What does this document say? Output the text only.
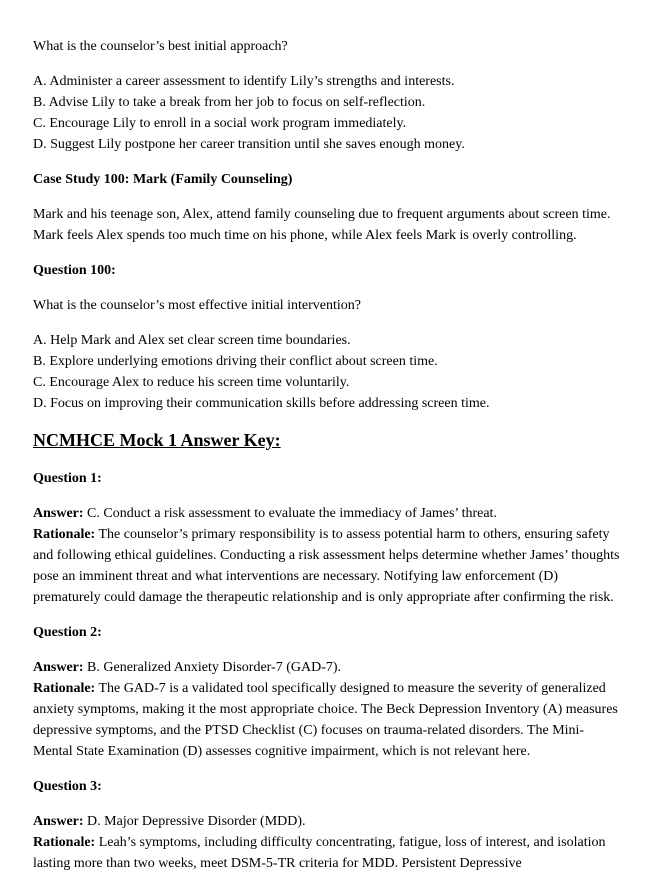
What is the counselor’s best initial approach?

A. Administer a career assessment to identify Lily’s strengths and interests.
B. Advise Lily to take a break from her job to focus on self-reflection.
C. Encourage Lily to enroll in a social work program immediately.
D. Suggest Lily postpone her career transition until she saves enough money.

Case Study 100: Mark (Family Counseling)

Mark and his teenage son, Alex, attend family counseling due to frequent arguments about screen time. Mark feels Alex spends too much time on his phone, while Alex feels Mark is overly controlling.

Question 100:

What is the counselor’s most effective initial intervention?

A. Help Mark and Alex set clear screen time boundaries.
B. Explore underlying emotions driving their conflict about screen time.
C. Encourage Alex to reduce his screen time voluntarily.
D. Focus on improving their communication skills before addressing screen time.
NCMHCE Mock 1 Answer Key:

Question 1:

Answer: C. Conduct a risk assessment to evaluate the immediacy of James’ threat.
Rationale: The counselor’s primary responsibility is to assess potential harm to others, ensuring safety and following ethical guidelines. Conducting a risk assessment helps determine whether James’ thoughts pose an imminent threat and what interventions are necessary. Notifying law enforcement (D) prematurely could damage the therapeutic relationship and is only appropriate after confirming the risk.

Question 2:

Answer: B. Generalized Anxiety Disorder-7 (GAD-7).
Rationale: The GAD-7 is a validated tool specifically designed to measure the severity of generalized anxiety symptoms, making it the most appropriate choice. The Beck Depression Inventory (A) measures depressive symptoms, and the PTSD Checklist (C) focuses on trauma-related disorders. The Mini-Mental State Examination (D) assesses cognitive impairment, which is not relevant here.

Question 3:

Answer: D. Major Depressive Disorder (MDD).
Rationale: Leah’s symptoms, including difficulty concentrating, fatigue, loss of interest, and isolation lasting more than two weeks, meet DSM-5-TR criteria for MDD. Persistent Depressive
